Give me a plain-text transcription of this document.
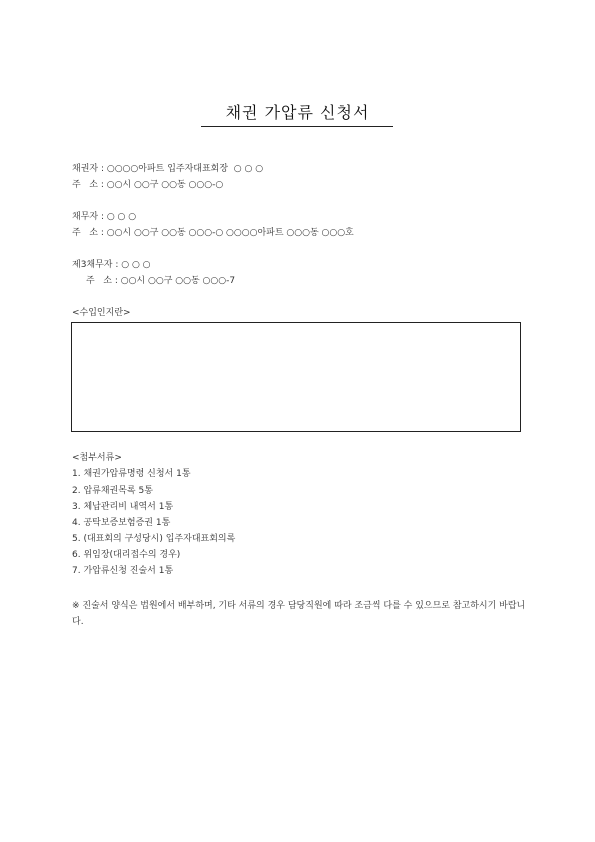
채권 가압류 신청서
채권자 : ○○○○아파트 입주자대표회장  ○ ○ ○
주   소 : ○○시 ○○구 ○○동 ○○○-○
채무자 : ○ ○ ○
주   소 : ○○시 ○○구 ○○동 ○○○-○ ○○○○아파트 ○○○동 ○○○호
제3채무자 : ○ ○ ○
주   소 : ○○시 ○○구 ○○동 ○○○-7
<수입인지란>
<첨부서류>
1. 채권가압류명령 신청서 1통
2. 압류채권목록 5통
3. 체납관리비 내역서 1통
4. 공탁보증보험증권 1통
5. (대표회의 구성당시) 입주자대표회의록
6. 위임장(대리접수의 경우)
7. 가압류신청 진술서 1통
※ 진술서 양식은 법원에서 배부하며, 기타 서류의 경우 담당직원에 따라 조금씩 다를 수 있으므로 참고하시기 바랍니다.
